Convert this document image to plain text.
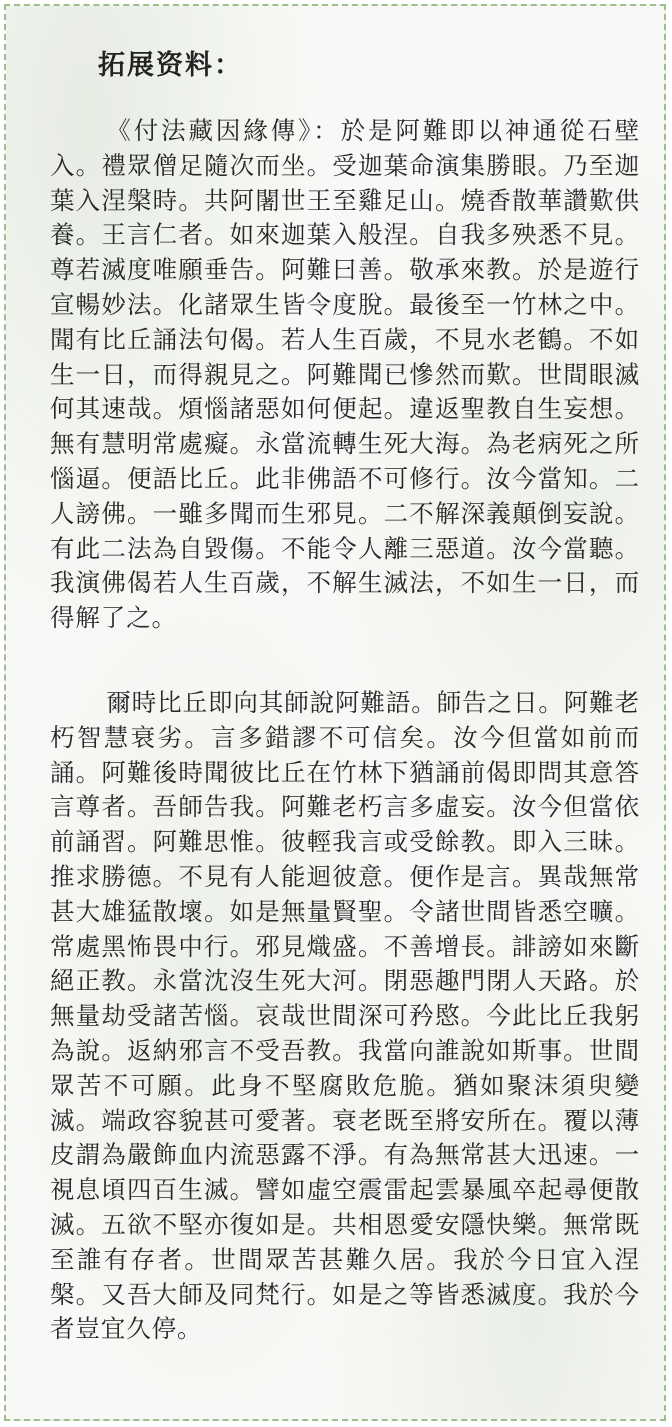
拓展资料：

《付法藏因緣傳》：於是阿難即以神通從石壁入。禮眾僧足隨次而坐。受迦葉命演集勝眼。乃至迦葉入涅槃時。共阿闍世王至雞足山。燒香散華讚歎供養。王言仁者。如來迦葉入般涅。自我多殃悉不見。尊若滅度唯願垂告。阿難曰善。敬承來教。於是遊行宣暢妙法。化諸眾生皆令度脫。最後至一竹林之中。聞有比丘誦法句偈。若人生百歲，不見水老鶴。不如生一日，而得親見之。阿難聞已慘然而歎。世間眼滅何其速哉。煩惱諸惡如何便起。違返聖教自生妄想。無有慧明常處癡。永當流轉生死大海。為老病死之所惱逼。便語比丘。此非佛語不可修行。汝今當知。二人謗佛。一雖多聞而生邪見。二不解深義顛倒妄說。有此二法為自毀傷。不能令人離三惡道。汝今當聽。我演佛偈若人生百歲，不解生滅法，不如生一日，而得解了之。

爾時比丘即向其師說阿難語。師告之日。阿難老朽智慧衰劣。言多錯謬不可信矣。汝今但當如前而誦。阿難後時聞彼比丘在竹林下猶誦前偈即問其意答言尊者。吾師告我。阿難老朽言多虛妄。汝今但當依前誦習。阿難思惟。彼輕我言或受餘教。即入三昧。推求勝德。不見有人能迴彼意。便作是言。異哉無常甚大雄猛散壞。如是無量賢聖。令諸世間皆悉空曠。常處黑怖畏中行。邪見熾盛。不善增長。誹謗如來斷絕正教。永當沈沒生死大河。閉惡趣門閉人天路。於無量劫受諸苦惱。哀哉世間深可矜愍。今此比丘我躬為說。返納邪言不受吾教。我當向誰說如斯事。世間眾苦不可願。此身不堅腐敗危脆。猶如聚沫須臾變滅。端政容貌甚可愛著。衰老既至將安所在。覆以薄皮謂為嚴飾血内流惡露不淨。有為無常甚大迅速。一視息頃四百生滅。譬如虛空震雷起雲暴風卒起尋便散滅。五欲不堅亦復如是。共相恩愛安隱快樂。無常既至誰有存者。世間眾苦甚難久居。我於今日宜入涅槃。又吾大師及同梵行。如是之等皆悉滅度。我於今者豈宜久停。
